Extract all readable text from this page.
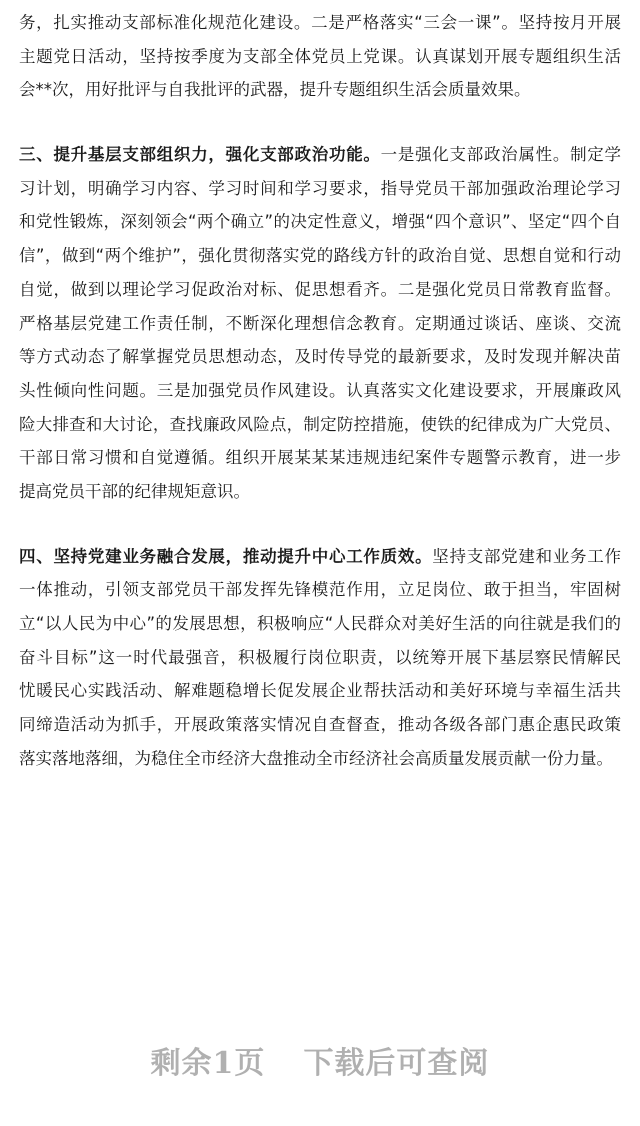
务，扎实推动支部标准化规范化建设。二是严格落实“三会一课”。坚持按月开展
主题党日活动，坚持按季度为支部全体党员上党课。认真谋划开展专题组织生活
会**次，用好批评与自我批评的武器，提升专题组织生活会质量效果。
三、提升基层支部组织力，强化支部政治功能。一是强化支部政治属性。制定学
习计划，明确学习内容、学习时间和学习要求，指导党员干部加强政治理论学习
和党性锻炼，深刻领会“两个确立”的决定性意义，增强“四个意识”、坚定“四个自
信”，做到“两个维护”，强化贯彻落实党的路线方针的政治自觉、思想自觉和行动
自觉，做到以理论学习促政治对标、促思想看齐。二是强化党员日常教育监督。
严格基层党建工作责任制，不断深化理想信念教育。定期通过谈话、座谈、交流
等方式动态了解掌握党员思想动态，及时传导党的最新要求，及时发现并解决苗
头性倾向性问题。三是加强党员作风建设。认真落实文化建设要求，开展廉政风
险大排查和大讨论，查找廉政风险点，制定防控措施，使铁的纪律成为广大党员、
干部日常习惯和自觉遵循。组织开展某某某违规违纪案件专题警示教育，进一步
提高党员干部的纪律规矩意识。
四、坚持党建业务融合发展，推动提升中心工作质效。坚持支部党建和业务工作
一体推动，引领支部党员干部发挥先锋模范作用，立足岗位、敢于担当，牢固树
立“以人民为中心”的发展思想，积极响应“人民群众对美好生活的向往就是我们的
奋斗目标”这一时代最强音，积极履行岗位职责，以统筹开展下基层察民情解民
忧暖民心实践活动、解难题稳增长促发展企业帮扶活动和美好环境与幸福生活共
同缔造活动为抓手，开展政策落实情况自查督查，推动各级各部门惠企惠民政策
落实落地落细，为稳住全市经济大盘推动全市经济社会高质量发展贡献一份力量。
剩余1页 下载后可查阅
